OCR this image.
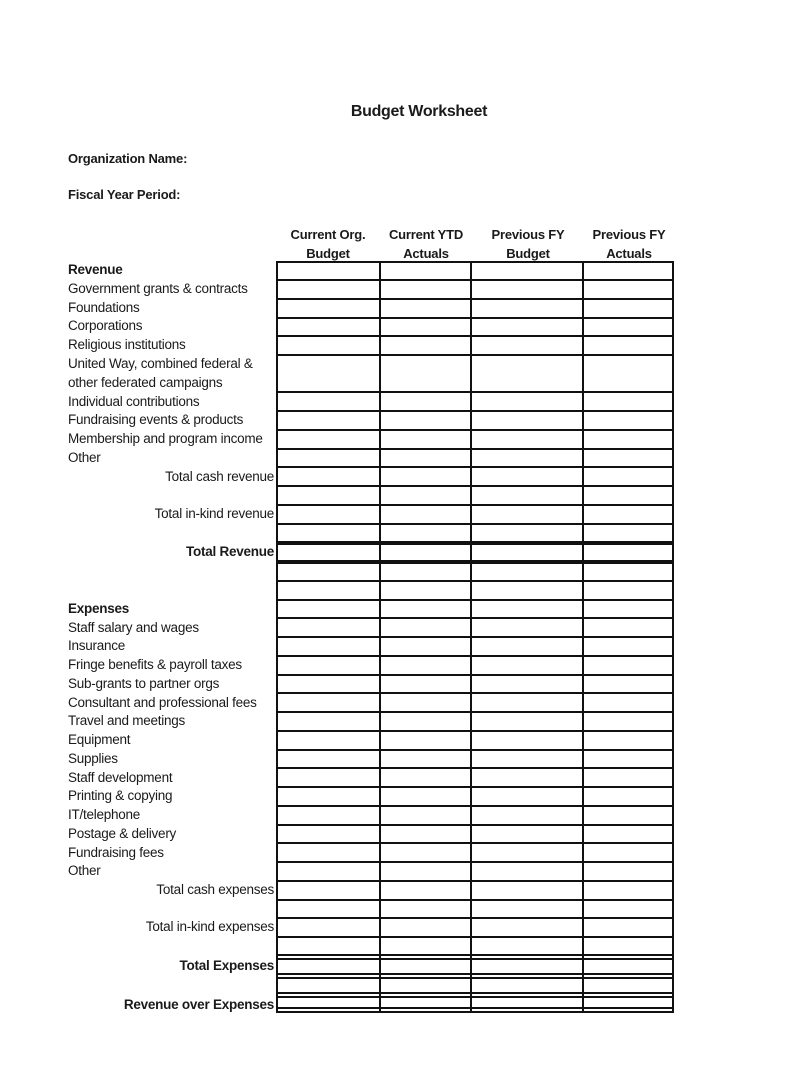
Budget Worksheet
Organization Name:
Fiscal Year Period:
Current Org.
Budget
Current YTD
Actuals
Previous FY
Budget
Previous FY
Actuals
Revenue
Government grants & contracts
Foundations
Corporations
Religious institutions
United Way, combined federal &
other federated campaigns
Individual contributions
Fundraising events & products
Membership and program income
Other
Total cash revenue
Total in-kind revenue
Total Revenue
Expenses
Staff salary and wages
Insurance
Fringe benefits & payroll taxes
Sub-grants to partner orgs
Consultant and professional fees
Travel and meetings
Equipment
Supplies
Staff development
Printing & copying
IT/telephone
Postage & delivery
Fundraising fees
Other
Total cash expenses
Total in-kind expenses
Total Expenses
Revenue over Expenses
